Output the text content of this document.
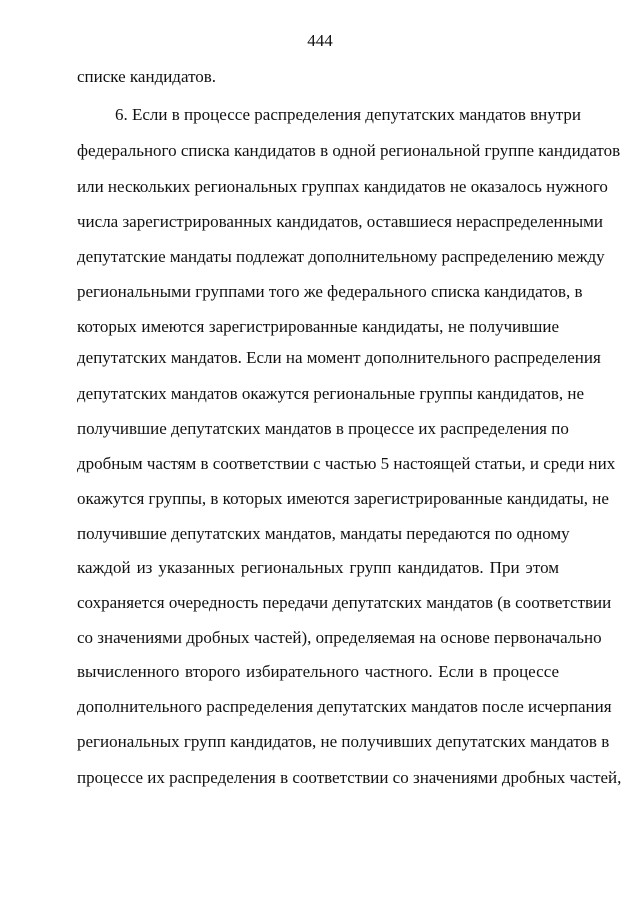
444
списке кандидатов.
6. Если в процессе распределения депутатских мандатов внутри
федерального списка кандидатов в одной региональной группе кандидатов
или нескольких региональных группах кандидатов не оказалось нужного
числа зарегистрированных кандидатов, оставшиеся нераспределенными
депутатские мандаты подлежат дополнительному распределению между
региональными группами того же федерального списка кандидатов, в
которых имеются зарегистрированные кандидаты, не получившие
депутатских мандатов. Если на момент дополнительного распределения
депутатских мандатов окажутся региональные группы кандидатов, не
получившие депутатских мандатов в процессе их распределения по
дробным частям в соответствии с частью 5 настоящей статьи, и среди них
окажутся группы, в которых имеются зарегистрированные кандидаты, не
получившие депутатских мандатов, мандаты передаются по одному
каждой из указанных региональных групп кандидатов. При этом
сохраняется очередность передачи депутатских мандатов (в соответствии
со значениями дробных частей), определяемая на основе первоначально
вычисленного второго избирательного частного. Если в процессе
дополнительного распределения депутатских мандатов после исчерпания
региональных групп кандидатов, не получивших депутатских мандатов в
процессе их распределения в соответствии со значениями дробных частей,
